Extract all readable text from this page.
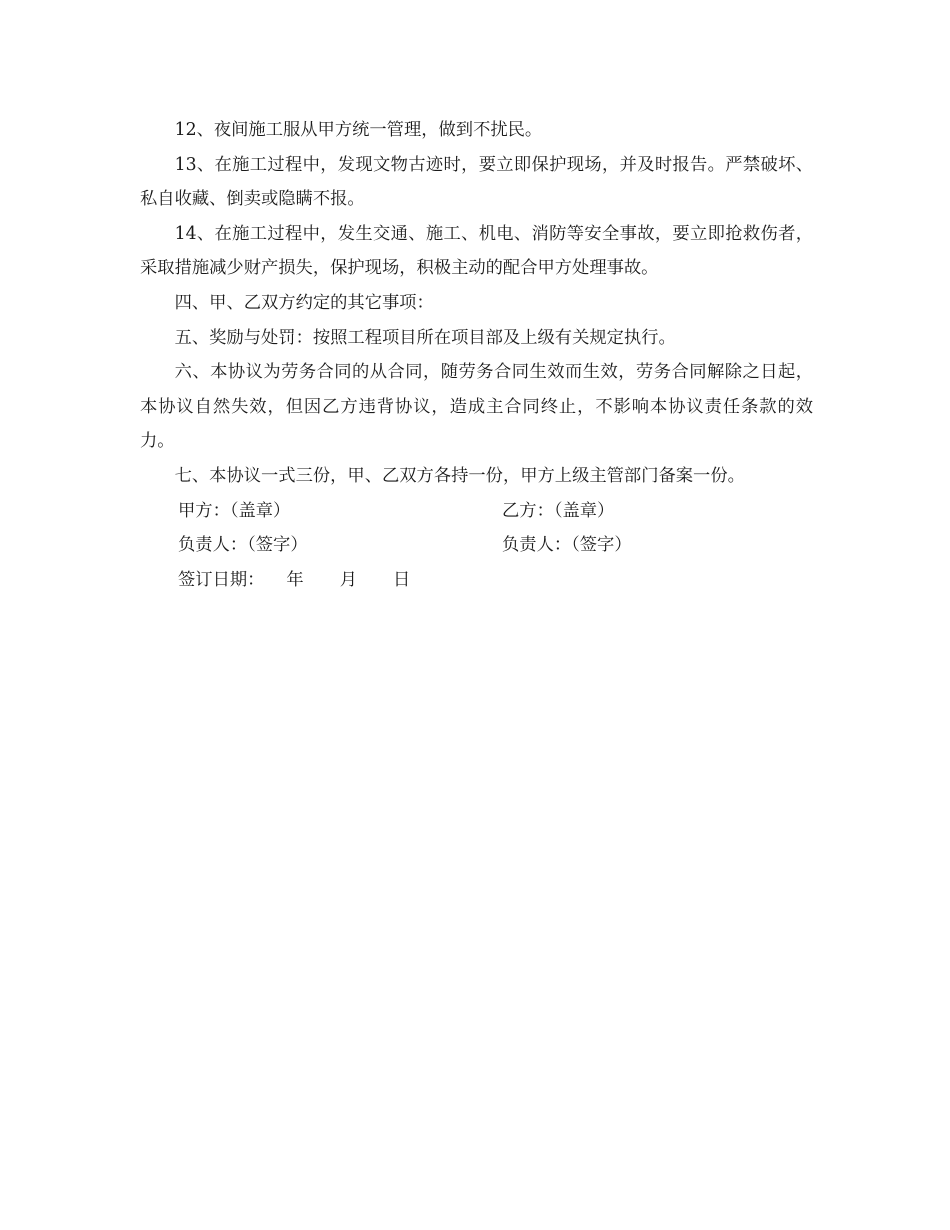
12、夜间施工服从甲方统一管理，做到不扰民。

13、在施工过程中，发现文物古迹时，要立即保护现场，并及时报告。严禁破坏、私自收藏、倒卖或隐瞒不报。

14、在施工过程中，发生交通、施工、机电、消防等安全事故，要立即抢救伤者，采取措施减少财产损失，保护现场，积极主动的配合甲方处理事故。

四、甲、乙双方约定的其它事项：

五、奖励与处罚：按照工程项目所在项目部及上级有关规定执行。

六、本协议为劳务合同的从合同，随劳务合同生效而生效，劳务合同解除之日起，本协议自然失效，但因乙方违背协议，造成主合同终止，不影响本协议责任条款的效力。

七、本协议一式三份，甲、乙双方各持一份，甲方上级主管部门备案一份。

甲方：（盖章）	乙方：（盖章）
负责人：（签字）	负责人：（签字）
签订日期： 年 月 日
